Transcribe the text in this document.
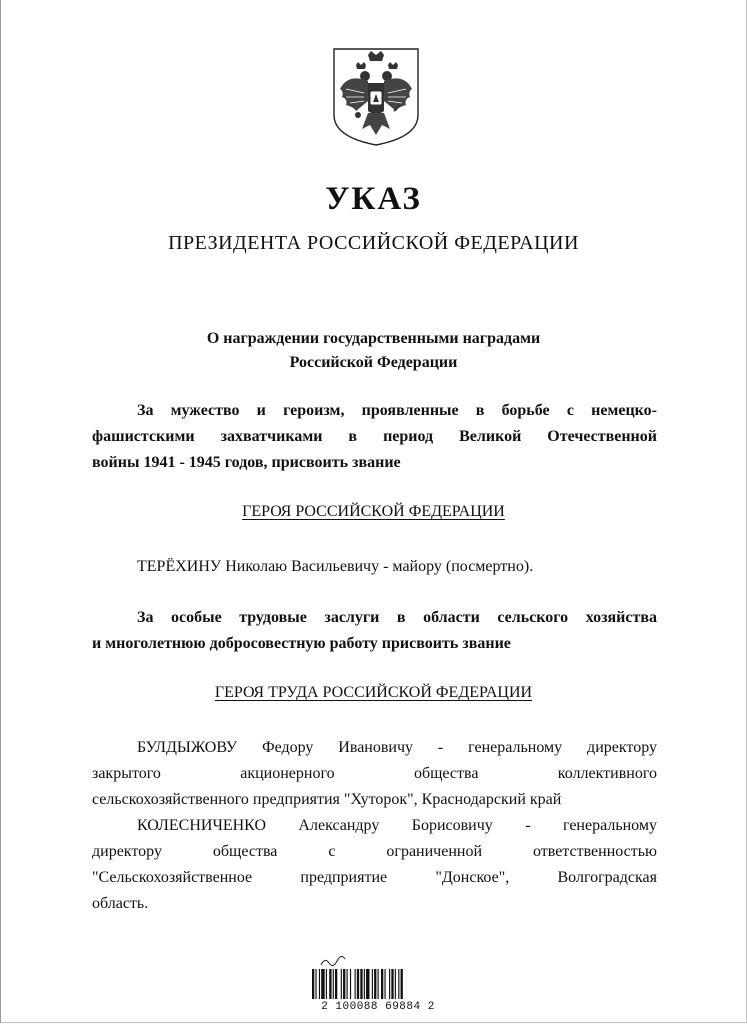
УКАЗ
ПРЕЗИДЕНТА РОССИЙСКОЙ ФЕДЕРАЦИИ
О награждении государственными наградами
Российской Федерации
За мужество и героизм, проявленные в борьбе с немецко-
фашистскими захватчиками в период Великой Отечественной
войны 1941 - 1945 годов, присвоить звание
ГЕРОЯ РОССИЙСКОЙ ФЕДЕРАЦИИ
ТЕРЁХИНУ Николаю Васильевичу - майору (посмертно).
За особые трудовые заслуги в области сельского хозяйства
и многолетнюю добросовестную работу присвоить звание
ГЕРОЯ ТРУДА РОССИЙСКОЙ ФЕДЕРАЦИИ
БУЛДЫЖОВУ Федору Ивановичу - генеральному директору
закрытого акционерного общества коллективного
сельскохозяйственного предприятия "Хуторок", Краснодарский край
КОЛЕСНИЧЕНКО Александру Борисовичу - генеральному
директору общества с ограниченной ответственностью
"Сельскохозяйственное предприятие "Донское", Волгоградская
область.
2 100088 69884 2
